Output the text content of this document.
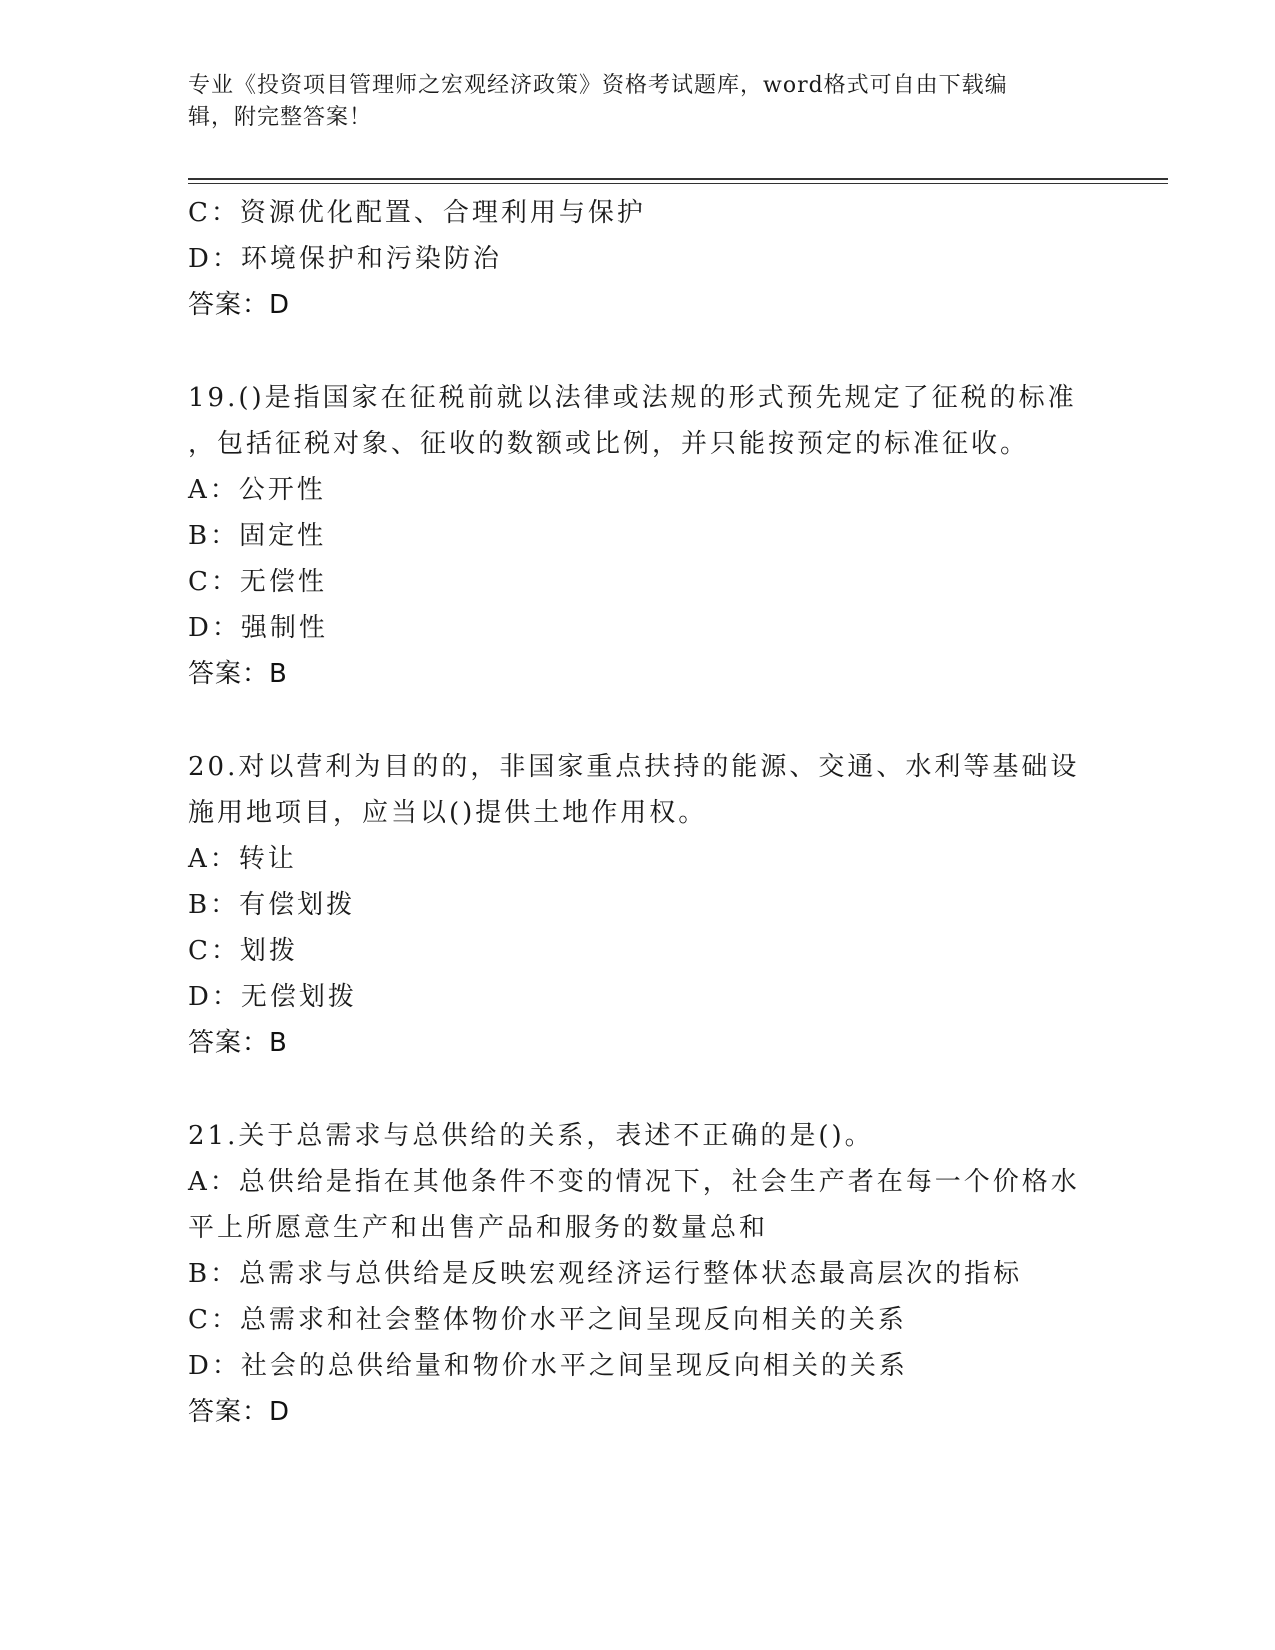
专业《投资项目管理师之宏观经济政策》资格考试题库，word格式可自由下载编
辑，附完整答案！
C：资源优化配置、合理利用与保护
D：环境保护和污染防治
答案：D
19.()是指国家在征税前就以法律或法规的形式预先规定了征税的标准
，包括征税对象、征收的数额或比例，并只能按预定的标准征收。
A：公开性
B：固定性
C：无偿性
D：强制性
答案：B
20.对以营利为目的的，非国家重点扶持的能源、交通、水利等基础设
施用地项目，应当以()提供土地作用权。
A：转让
B：有偿划拨
C：划拨
D：无偿划拨
答案：B
21.关于总需求与总供给的关系，表述不正确的是()。
A：总供给是指在其他条件不变的情况下，社会生产者在每一个价格水
平上所愿意生产和出售产品和服务的数量总和
B：总需求与总供给是反映宏观经济运行整体状态最高层次的指标
C：总需求和社会整体物价水平之间呈现反向相关的关系
D：社会的总供给量和物价水平之间呈现反向相关的关系
答案：D
